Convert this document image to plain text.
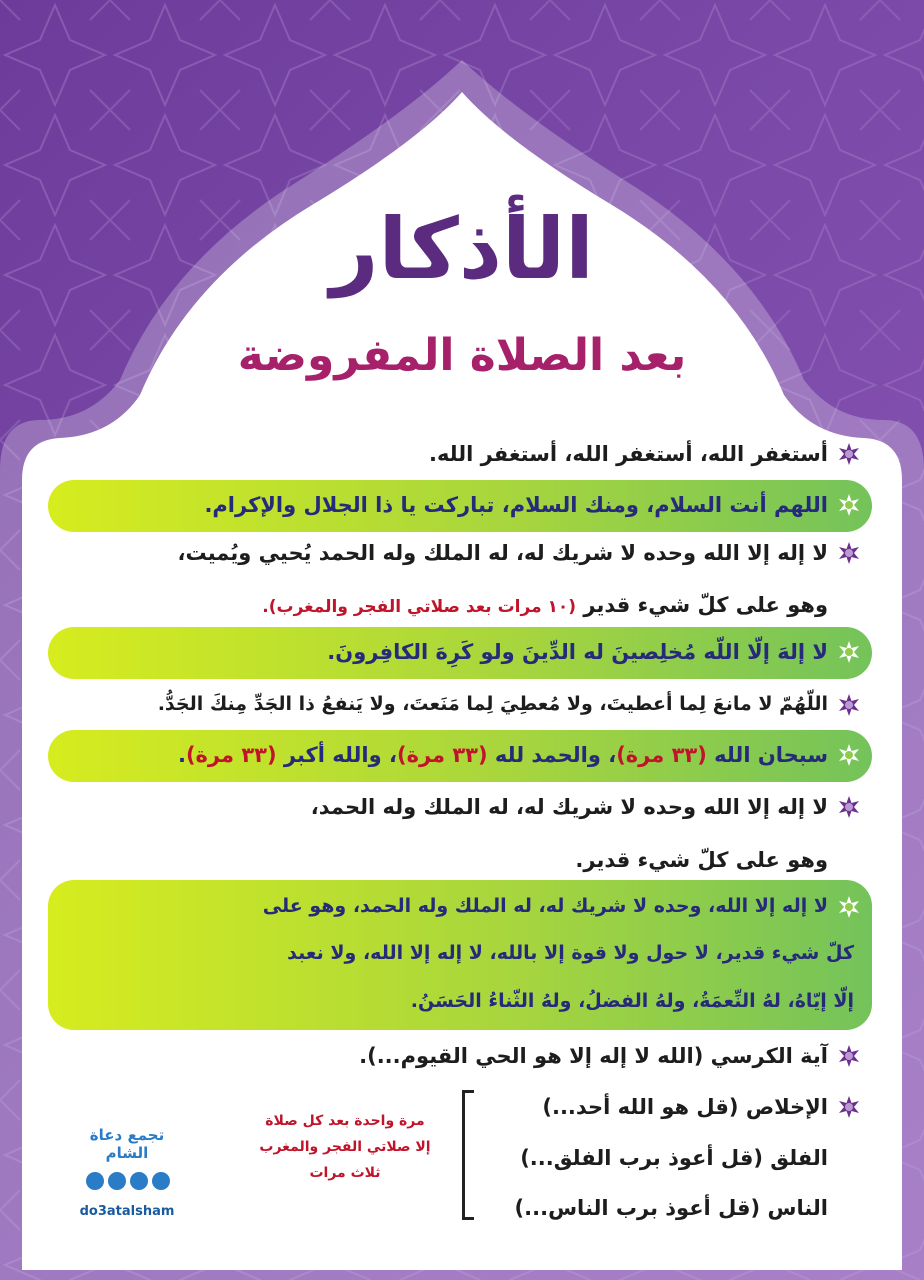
الأذكار
بعد الصلاة المفروضة
أستغفر الله، أستغفر الله، أستغفر الله.
اللهم أنت السلام، ومنك السلام، تباركت يا ذا الجلال والإكرام.
لا إله إلا الله وحده لا شريك له، له الملك وله الحمد يُحيي ويُميت،
وهو على كلّ شيء قدير (١٠ مرات بعد صلاتي الفجر والمغرب).
لا إلهَ إلّا اللّه مُخلِصينَ له الدِّينَ ولو كَرِهَ الكافِرونَ.
اللّهُمّ لا مانعَ لِما أعطيتَ، ولا مُعطِيَ لِما مَنَعتَ، ولا يَنفعُ ذا الجَدِّ مِنكَ الجَدُّ.
سبحان الله (٣٣ مرة)، والحمد لله (٣٣ مرة)، والله أكبر (٣٣ مرة).
لا إله إلا الله وحده لا شريك له، له الملك وله الحمد،
وهو على كلّ شيء قدير.
لا إله إلا الله، وحده لا شريك له، له الملك وله الحمد، وهو على
كلّ شيء قدير، لا حول ولا قوة إلا بالله، لا إله إلا الله، ولا نعبد
إلّا إيّاهُ، لهُ النِّعمَةُ، ولهُ الفضلُ، ولهُ الثّناءُ الحَسَنُ.
آية الكرسي (الله لا إله إلا هو الحي القيوم...).
الإخلاص (قل هو الله أحد...)
الفلق (قل أعوذ برب الفلق...)
الناس (قل أعوذ برب الناس...)
مرة واحدة بعد كل صلاة
إلا صلاتي الفجر والمغرب
ثلاث مرات
تجمع دعاة الشام
do3atalsham
